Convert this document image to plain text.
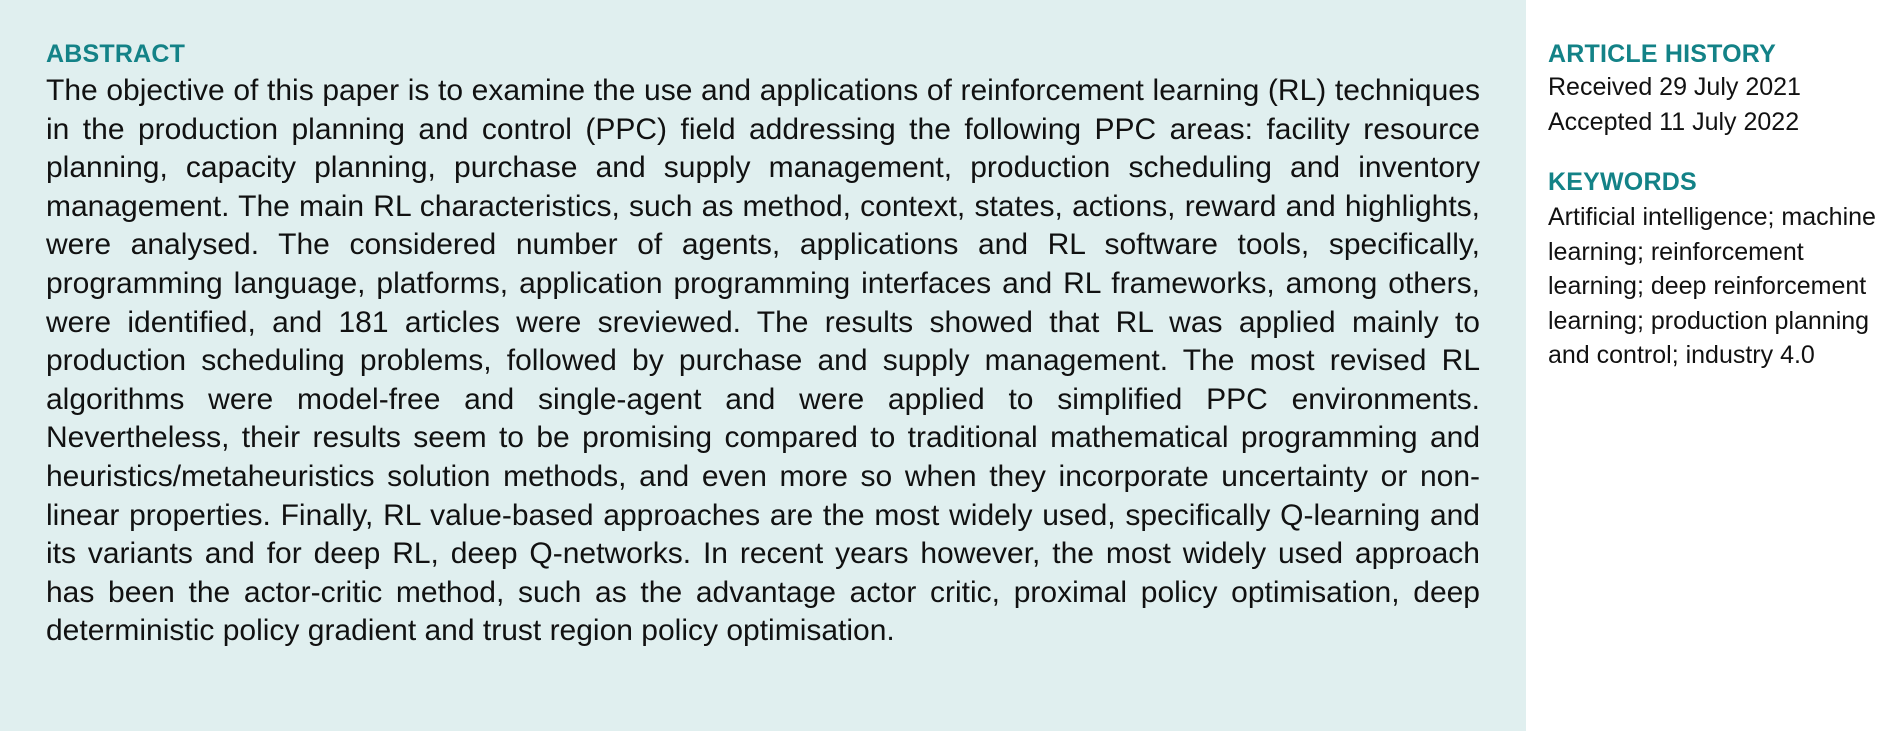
ABSTRACT

The objective of this paper is to examine the use and applications of reinforcement learning (RL) techniques in the production planning and control (PPC) field addressing the following PPC areas: facility resource planning, capacity planning, purchase and supply management, production scheduling and inventory management. The main RL characteristics, such as method, context, states, actions, reward and highlights, were analysed. The considered number of agents, applications and RL software tools, specifically, programming language, platforms, application programming interfaces and RL frameworks, among others, were identified, and 181 articles were sreviewed. The results showed that RL was applied mainly to production scheduling problems, followed by purchase and supply management. The most revised RL algorithms were model-free and single-agent and were applied to simplified PPC environments. Nevertheless, their results seem to be promising compared to traditional mathematical programming and heuristics/metaheuristics solution methods, and even more so when they incorporate uncertainty or non-linear properties. Finally, RL value-based approaches are the most widely used, specifically Q-learning and its variants and for deep RL, deep Q-networks. In recent years however, the most widely used approach has been the actor-critic method, such as the advantage actor critic, proximal policy optimisation, deep deterministic policy gradient and trust region policy optimisation.

ARTICLE HISTORY

Received 29 July 2021

Accepted 11 July 2022

KEYWORDS

Artificial intelligence; machine learning; reinforcement learning; deep reinforcement learning; production planning and control; industry 4.0
